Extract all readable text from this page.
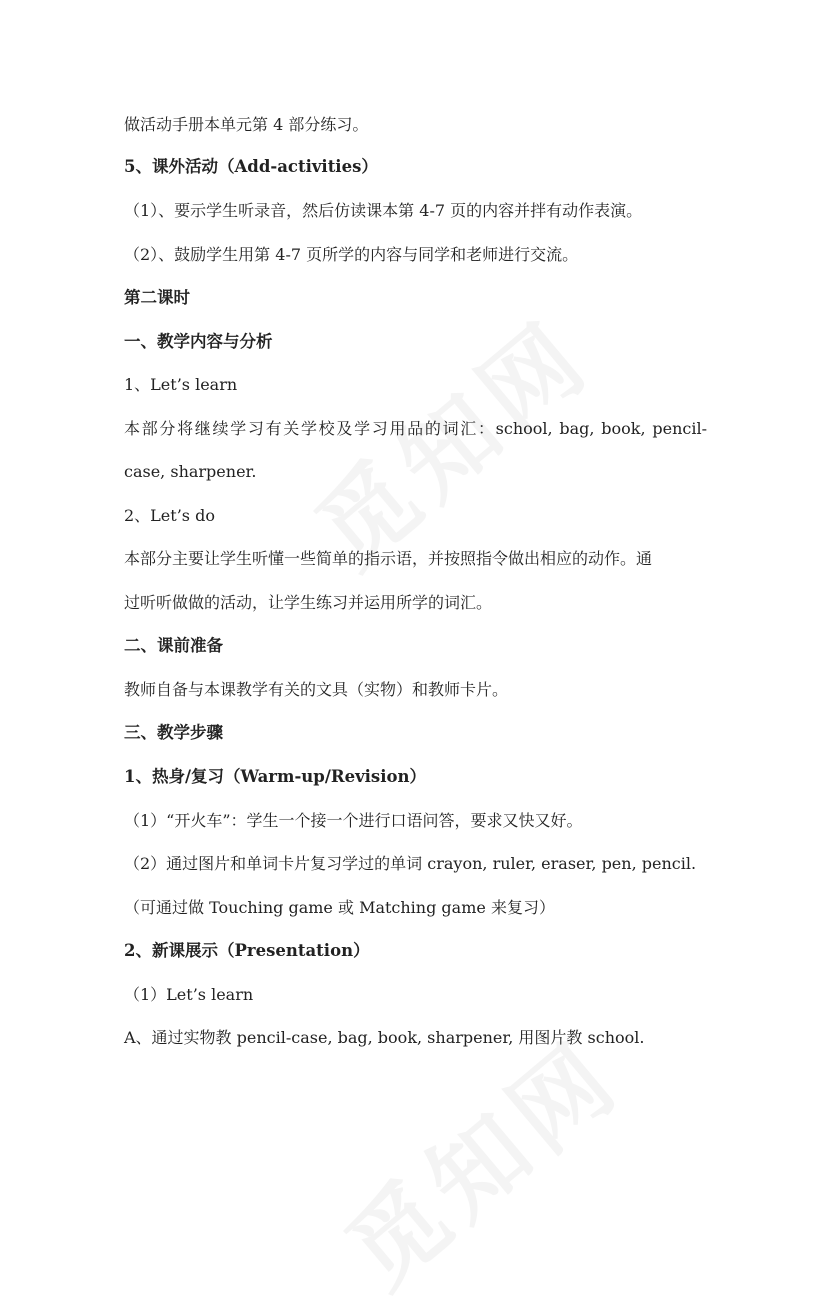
做活动手册本单元第 4 部分练习。
5、课外活动（Add-activities）
（1）、要示学生听录音，然后仿读课本第 4-7 页的内容并拌有动作表演。
（2）、鼓励学生用第 4-7 页所学的内容与同学和老师进行交流。
第二课时
一、教学内容与分析
1、Let’s learn
本部分将继续学习有关学校及学习用品的词汇：school, bag, book, pencil-
case, sharpener.
2、Let’s do
本部分主要让学生听懂一些简单的指示语，并按照指令做出相应的动作。通
过听听做做的活动，让学生练习并运用所学的词汇。
二、课前准备
教师自备与本课教学有关的文具（实物）和教师卡片。
三、教学步骤
1、热身/复习（Warm-up/Revision）
（1）“开火车”：学生一个接一个进行口语问答，要求又快又好。
（2）通过图片和单词卡片复习学过的单词 crayon, ruler, eraser, pen, pencil.
（可通过做 Touching game 或 Matching game 来复习）
2、新课展示（Presentation）
（1）Let’s learn
A、通过实物教 pencil-case, bag, book, sharpener, 用图片教 school.
